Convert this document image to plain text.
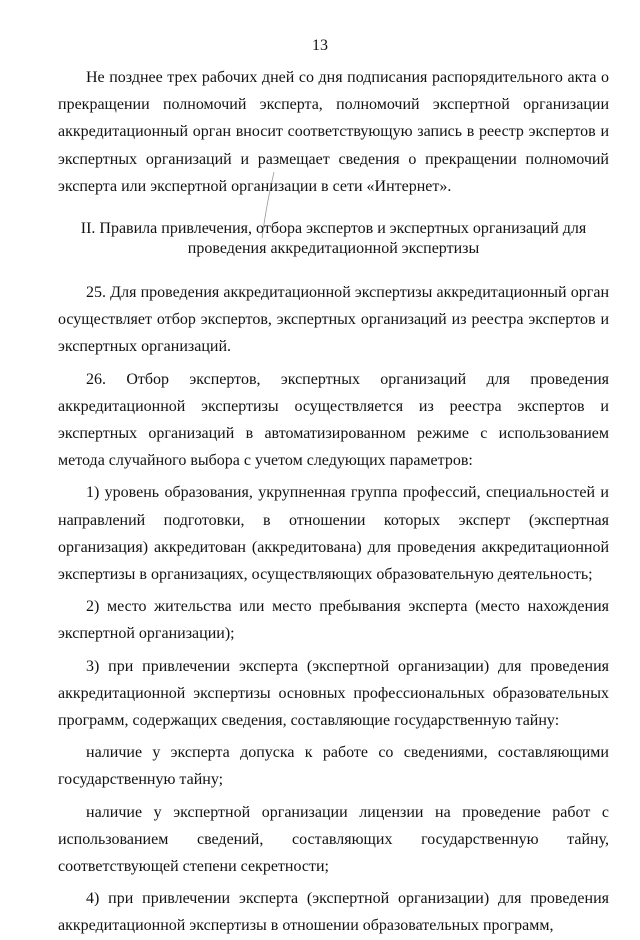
13

Не позднее трех рабочих дней со дня подписания распорядительного акта о прекращении полномочий эксперта, полномочий экспертной организации аккредитационный орган вносит соответствующую запись в реестр экспертов и экспертных организаций и размещает сведения о прекращении полномочий эксперта или экспертной организации в сети «Интернет».

II. Правила привлечения, отбора экспертов и экспертных организаций для
проведения аккредитационной экспертизы

25. Для проведения аккредитационной экспертизы аккредитационный орган осуществляет отбор экспертов, экспертных организаций из реестра экспертов и экспертных организаций.

26. Отбор экспертов, экспертных организаций для проведения аккредитационной экспертизы осуществляется из реестра экспертов и экспертных организаций в автоматизированном режиме с использованием метода случайного выбора с учетом следующих параметров:

1) уровень образования, укрупненная группа профессий, специальностей и направлений подготовки, в отношении которых эксперт (экспертная организация) аккредитован (аккредитована) для проведения аккредитационной экспертизы в организациях, осуществляющих образовательную деятельность;

2) место жительства или место пребывания эксперта (место нахождения экспертной организации);

3) при привлечении эксперта (экспертной организации) для проведения аккредитационной экспертизы основных профессиональных образовательных программ, содержащих сведения, составляющие государственную тайну:

наличие у эксперта допуска к работе со сведениями, составляющими государственную тайну;

наличие у экспертной организации лицензии на проведение работ с использованием сведений, составляющих государственную тайну, соответствующей степени секретности;

4) при привлечении эксперта (экспертной организации) для проведения аккредитационной экспертизы в отношении образовательных программ,
